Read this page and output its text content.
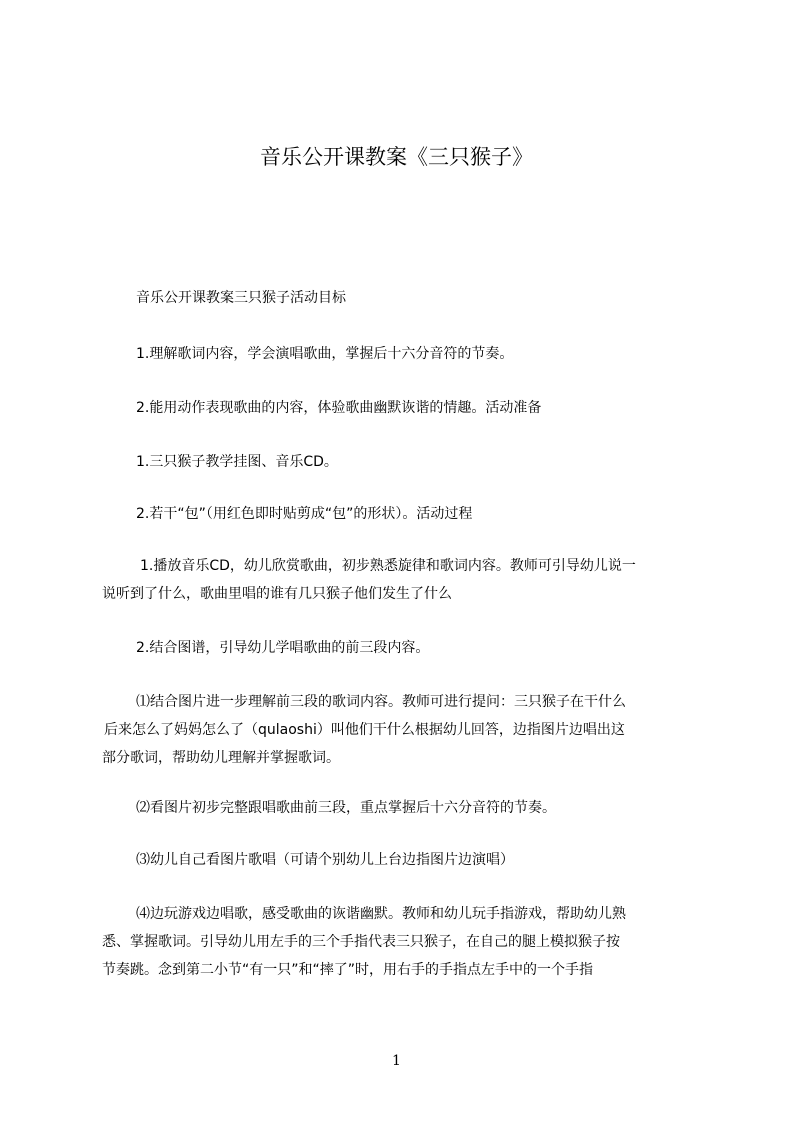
音乐公开课教案《三只猴子》
音乐公开课教案三只猴子活动目标
1.理解歌词内容，学会演唱歌曲，掌握后十六分音符的节奏。
2.能用动作表现歌曲的内容，体验歌曲幽默诙谐的情趣。活动准备
1.三只猴子教学挂图、音乐CD。
2.若干“包”（用红色即时贴剪成“包”的形状）。活动过程
1.播放音乐CD，幼儿欣赏歌曲，初步熟悉旋律和歌词内容。教师可引导幼儿说一
说听到了什么，歌曲里唱的谁有几只猴子他们发生了什么
2.结合图谱，引导幼儿学唱歌曲的前三段内容。
⑴结合图片进一步理解前三段的歌词内容。教师可进行提问：三只猴子在干什么
后来怎么了妈妈怎么了（qulaoshi）叫他们干什么根据幼儿回答，边指图片边唱出这
部分歌词，帮助幼儿理解并掌握歌词。
⑵看图片初步完整跟唱歌曲前三段，重点掌握后十六分音符的节奏。
⑶幼儿自己看图片歌唱（可请个别幼儿上台边指图片边演唱）
⑷边玩游戏边唱歌，感受歌曲的诙谐幽默。教师和幼儿玩手指游戏，帮助幼儿熟
悉、掌握歌词。引导幼儿用左手的三个手指代表三只猴子，在自己的腿上模拟猴子按
节奏跳。念到第二小节“有一只”和“摔了”时，用右手的手指点左手中的一个手指
1
